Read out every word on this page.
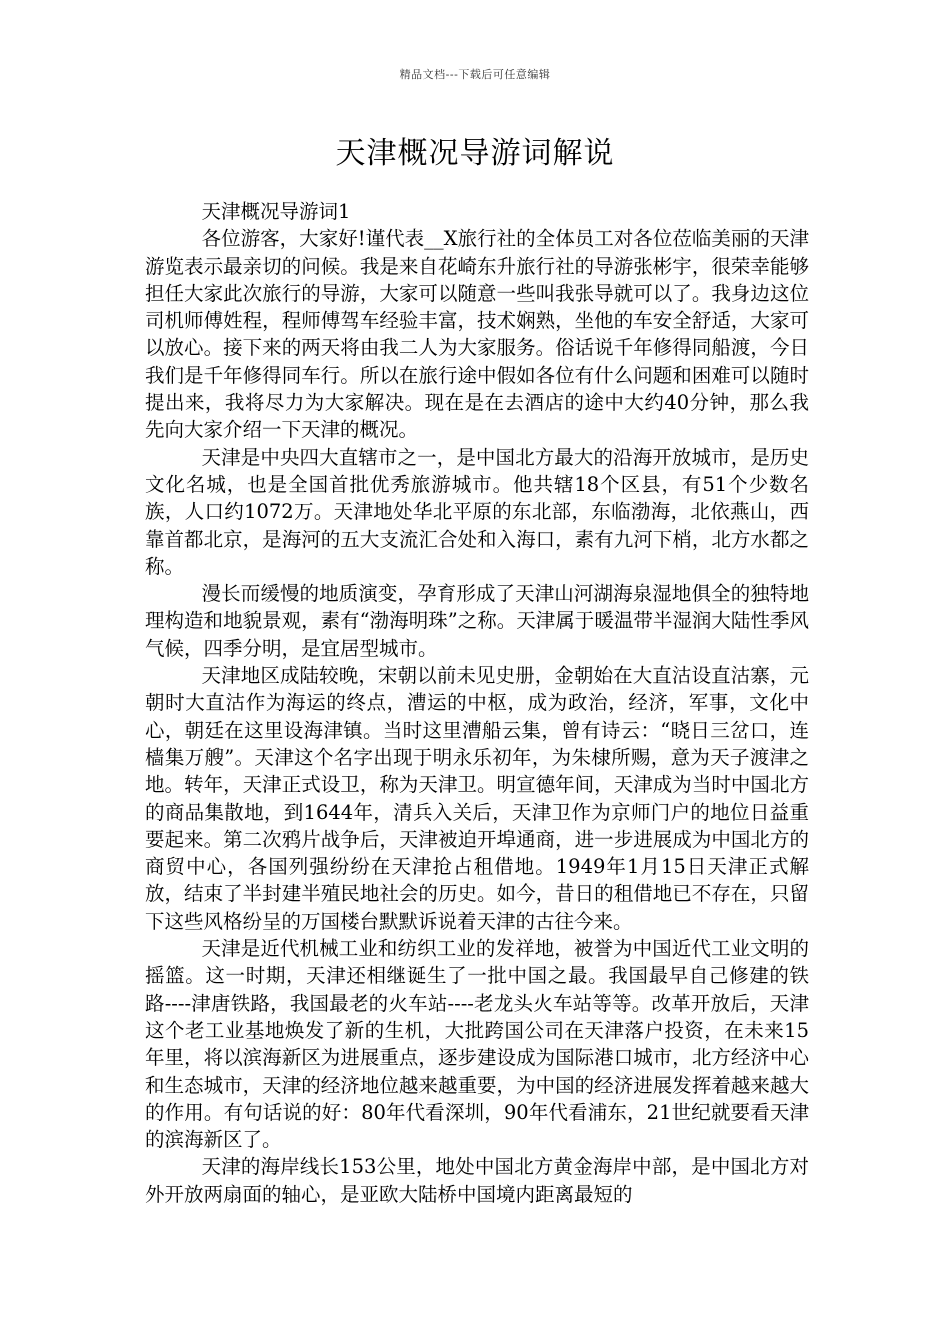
精品文档---下载后可任意编辑
天津概况导游词解说

天津概况导游词1

各位游客，大家好!谨代表__X旅行社的全体员工对各位莅临美丽的天津游览表示最亲切的问候。我是来自花崎东升旅行社的导游张彬宇，很荣幸能够担任大家此次旅行的导游，大家可以随意一些叫我张导就可以了。我身边这位司机师傅姓程，程师傅驾车经验丰富，技术娴熟，坐他的车安全舒适，大家可以放心。接下来的两天将由我二人为大家服务。俗话说千年修得同船渡，今日我们是千年修得同车行。所以在旅行途中假如各位有什么问题和困难可以随时提出来，我将尽力为大家解决。现在是在去酒店的途中大约40分钟，那么我先向大家介绍一下天津的概况。

天津是中央四大直辖市之一，是中国北方最大的沿海开放城市，是历史文化名城，也是全国首批优秀旅游城市。他共辖18个区县，有51个少数名族，人口约1072万。天津地处华北平原的东北部，东临渤海，北依燕山，西靠首都北京，是海河的五大支流汇合处和入海口，素有九河下梢，北方水都之称。

漫长而缓慢的地质演变，孕育形成了天津山河湖海泉湿地俱全的独特地理构造和地貌景观，素有“渤海明珠”之称。天津属于暖温带半湿润大陆性季风气候，四季分明，是宜居型城市。

天津地区成陆较晚，宋朝以前未见史册，金朝始在大直沽设直沽寨，元朝时大直沽作为海运的终点，漕运的中枢，成为政治，经济，军事，文化中心，朝廷在这里设海津镇。当时这里漕船云集，曾有诗云：“晓日三岔口，连樯集万艘”。天津这个名字出现于明永乐初年，为朱棣所赐，意为天子渡津之地。转年，天津正式设卫，称为天津卫。明宣德年间，天津成为当时中国北方的商品集散地，到1644年，清兵入关后，天津卫作为京师门户的地位日益重要起来。第二次鸦片战争后，天津被迫开埠通商，进一步进展成为中国北方的商贸中心，各国列强纷纷在天津抢占租借地。1949年1月15日天津正式解放，结束了半封建半殖民地社会的历史。如今，昔日的租借地已不存在，只留下这些风格纷呈的万国楼台默默诉说着天津的古往今来。

天津是近代机械工业和纺织工业的发祥地，被誉为中国近代工业文明的摇篮。这一时期，天津还相继诞生了一批中国之最。我国最早自己修建的铁路----津唐铁路，我国最老的火车站----老龙头火车站等等。改革开放后，天津这个老工业基地焕发了新的生机，大批跨国公司在天津落户投资，在未来15年里，将以滨海新区为进展重点，逐步建设成为国际港口城市，北方经济中心和生态城市，天津的经济地位越来越重要，为中国的经济进展发挥着越来越大的作用。有句话说的好：80年代看深圳，90年代看浦东，21世纪就要看天津的滨海新区了。

天津的海岸线长153公里，地处中国北方黄金海岸中部，是中国北方对外开放两扇面的轴心，是亚欧大陆桥中国境内距离最短的
